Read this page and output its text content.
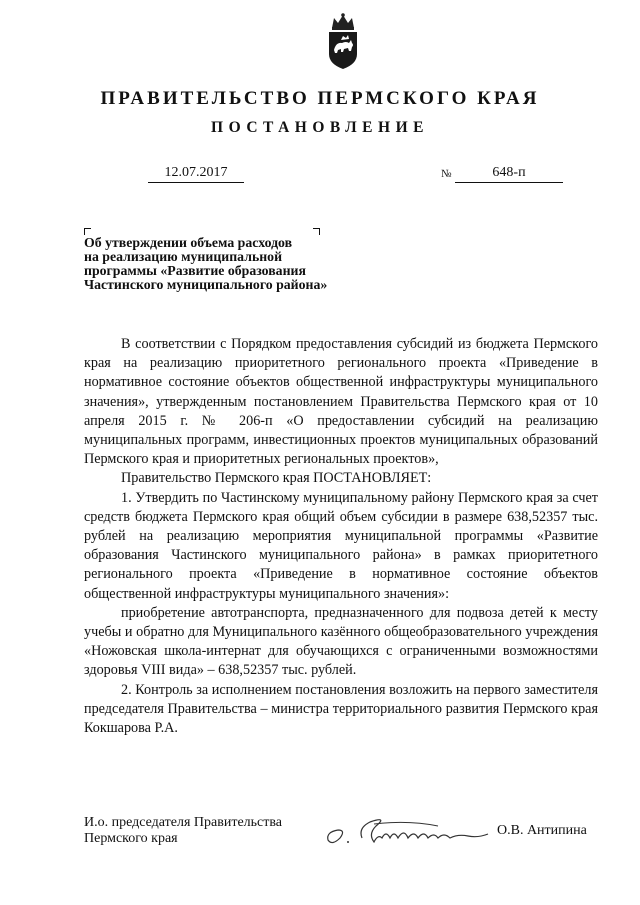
ПРАВИТЕЛЬСТВО ПЕРМСКОГО КРАЯ
ПОСТАНОВЛЕНИЕ
12.07.2017	№	648-п
Об утверждении объема расходов
на реализацию муниципальной
программы «Развитие образования
Частинского муниципального района»

В соответствии с Порядком предоставления субсидий из бюджета Пермского края на реализацию приоритетного регионального проекта «Приведение в нормативное состояние объектов общественной инфраструктуры муниципального значения», утвержденным постановлением Правительства Пермского края от 10 апреля 2015 г. № 206-п «О предоставлении субсидий на реализацию муниципальных программ, инвестиционных проектов муниципальных образований Пермского края и приоритетных региональных проектов»,

Правительство Пермского края ПОСТАНОВЛЯЕТ:

1. Утвердить по Частинскому муниципальному району Пермского края за счет средств бюджета Пермского края общий объем субсидии в размере 638,52357 тыс. рублей на реализацию мероприятия муниципальной программы «Развитие образования Частинского муниципального района» в рамках приоритетного регионального проекта «Приведение в нормативное состояние объектов общественной инфраструктуры муниципального значения»:

приобретение автотранспорта, предназначенного для подвоза детей к месту учебы и обратно для Муниципального казённого общеобразовательного учреждения «Ножовская школа-интернат для обучающихся с ограниченными возможностями здоровья VIII вида» – 638,52357 тыс. рублей.

2. Контроль за исполнением постановления возложить на первого заместителя председателя Правительства – министра территориального развития Пермского края Кокшарова Р.А.

И.о. председателя Правительства
Пермского края
О.В. Антипина
